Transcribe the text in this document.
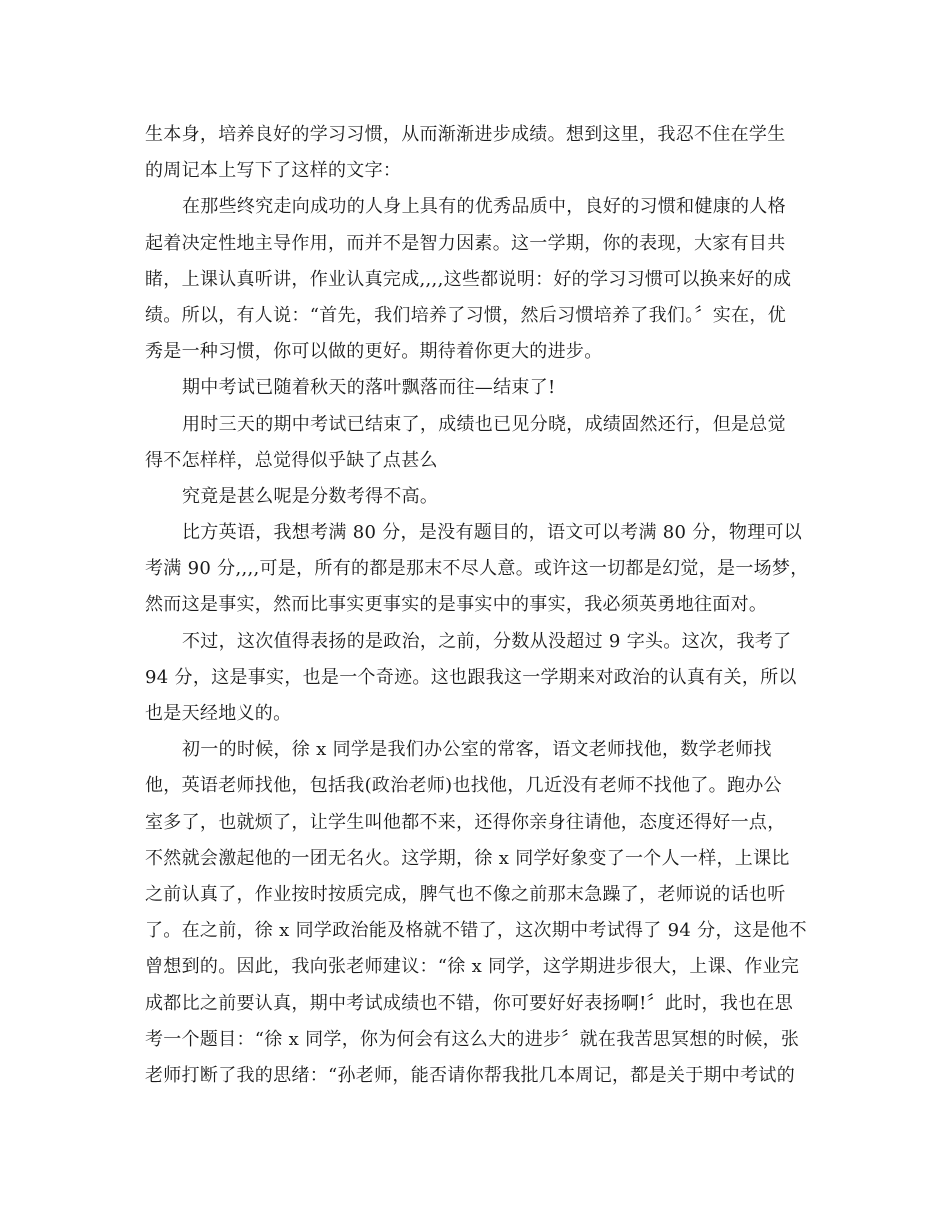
生本身，培养良好的学习习惯，从而渐渐进步成绩。想到这里，我忍不住在学生
的周记本上写下了这样的文字：
在那些终究走向成功的人身上具有的优秀品质中，良好的习惯和健康的人格
起着决定性地主导作用，而并不是智力因素。这一学期，你的表现，大家有目共
睹，上课认真听讲，作业认真完成,,,,这些都说明：好的学习习惯可以换来好的成
绩。所以，有人说：“首先，我们培养了习惯，然后习惯培养了我们。〞实在，优
秀是一种习惯，你可以做的更好。期待着你更大的进步。
期中考试已随着秋天的落叶飘落而往—结束了!
用时三天的期中考试已结束了，成绩也已见分晓，成绩固然还行，但是总觉
得不怎样样，总觉得似乎缺了点甚么
究竟是甚么呢是分数考得不高。
比方英语，我想考满 80 分，是没有题目的，语文可以考满 80 分，物理可以
考满 90 分,,,,可是，所有的都是那末不尽人意。或许这一切都是幻觉，是一场梦，
然而这是事实，然而比事实更事实的是事实中的事实，我必须英勇地往面对。
不过，这次值得表扬的是政治，之前，分数从没超过 9 字头。这次，我考了
94 分，这是事实，也是一个奇迹。这也跟我这一学期来对政治的认真有关，所以
也是天经地义的。
初一的时候，徐 x 同学是我们办公室的常客，语文老师找他，数学老师找
他，英语老师找他，包括我(政治老师)也找他，几近没有老师不找他了。跑办公
室多了，也就烦了，让学生叫他都不来，还得你亲身往请他，态度还得好一点，
不然就会激起他的一团无名火。这学期，徐 x 同学好象变了一个人一样，上课比
之前认真了，作业按时按质完成，脾气也不像之前那末急躁了，老师说的话也听
了。在之前，徐 x 同学政治能及格就不错了，这次期中考试得了 94 分，这是他不
曾想到的。因此，我向张老师建议：“徐 x 同学，这学期进步很大，上课、作业完
成都比之前要认真，期中考试成绩也不错，你可要好好表扬啊!〞此时，我也在思
考一个题目：“徐 x 同学，你为何会有这么大的进步〞就在我苦思冥想的时候，张
老师打断了我的思绪：“孙老师，能否请你帮我批几本周记，都是关于期中考试的
